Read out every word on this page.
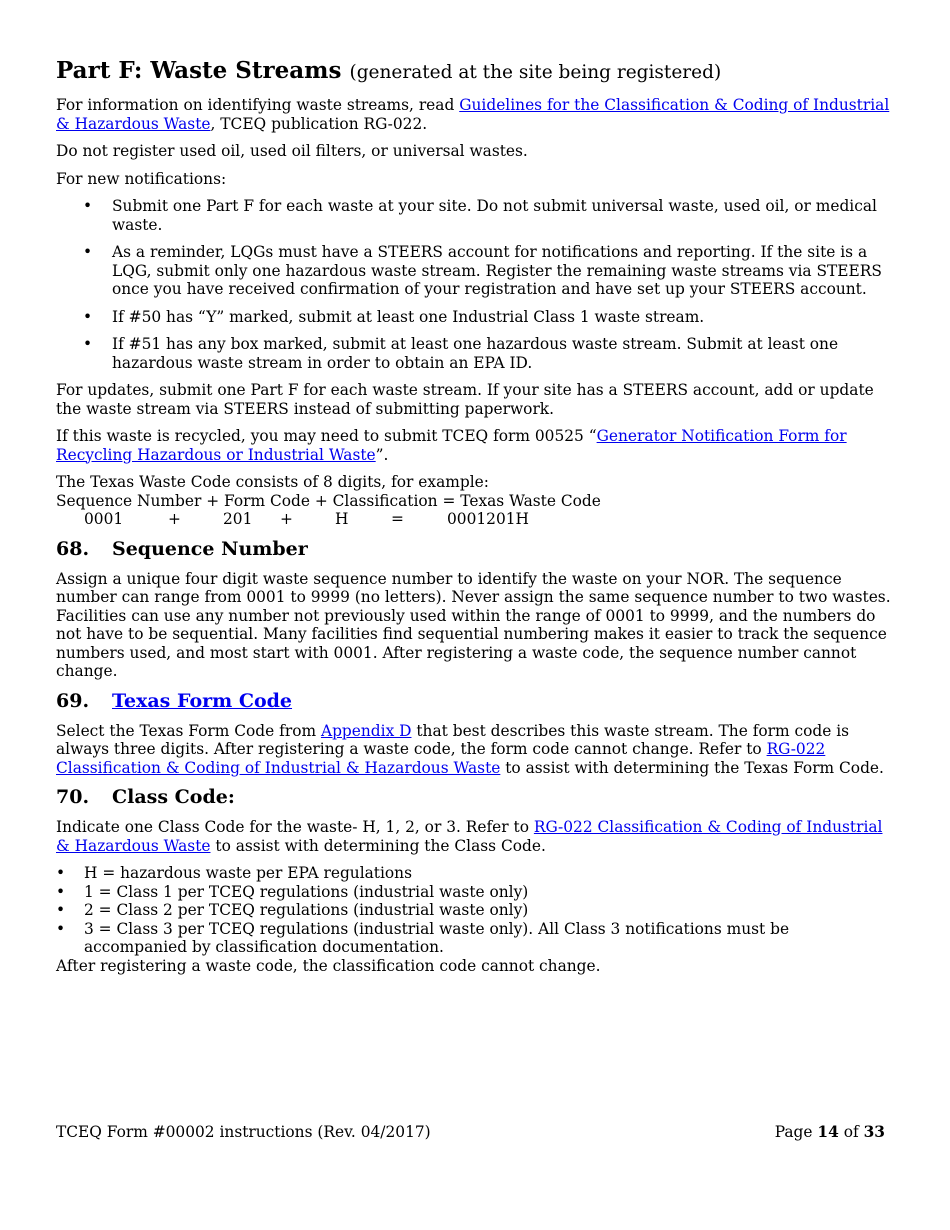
Part F: Waste Streams (generated at the site being registered)

For information on identifying waste streams, read Guidelines for the Classification & Coding of Industrial & Hazardous Waste, TCEQ publication RG-022.

Do not register used oil, used oil filters, or universal wastes.

For new notifications:

• Submit one Part F for each waste at your site. Do not submit universal waste, used oil, or medical waste.
• As a reminder, LQGs must have a STEERS account for notifications and reporting. If the site is a LQG, submit only one hazardous waste stream. Register the remaining waste streams via STEERS once you have received confirmation of your registration and have set up your STEERS account.
• If #50 has “Y” marked, submit at least one Industrial Class 1 waste stream.
• If #51 has any box marked, submit at least one hazardous waste stream. Submit at least one hazardous waste stream in order to obtain an EPA ID.

For updates, submit one Part F for each waste stream. If your site has a STEERS account, add or update the waste stream via STEERS instead of submitting paperwork.

If this waste is recycled, you may need to submit TCEQ form 00525 “Generator Notification Form for Recycling Hazardous or Industrial Waste”.

The Texas Waste Code consists of 8 digits, for example:
Sequence Number + Form Code + Classification = Texas Waste Code
0001	+	201 +	H	=	0001201H
68.	Sequence Number

Assign a unique four digit waste sequence number to identify the waste on your NOR. The sequence number can range from 0001 to 9999 (no letters). Never assign the same sequence number to two wastes. Facilities can use any number not previously used within the range of 0001 to 9999, and the numbers do not have to be sequential. Many facilities find sequential numbering makes it easier to track the sequence numbers used, and most start with 0001. After registering a waste code, the sequence number cannot change.

69.	Texas Form Code

Select the Texas Form Code from Appendix D that best describes this waste stream. The form code is always three digits. After registering a waste code, the form code cannot change. Refer to RG-022 Classification & Coding of Industrial & Hazardous Waste to assist with determining the Texas Form Code.

70.	Class Code:

Indicate one Class Code for the waste- H, 1, 2, or 3. Refer to RG-022 Classification & Coding of Industrial & Hazardous Waste to assist with determining the Class Code.

• H = hazardous waste per EPA regulations
• 1 = Class 1 per TCEQ regulations (industrial waste only)
• 2 = Class 2 per TCEQ regulations (industrial waste only)
• 3 = Class 3 per TCEQ regulations (industrial waste only). All Class 3 notifications must be accompanied by classification documentation.
After registering a waste code, the classification code cannot change.
TCEQ Form #00002 instructions (Rev. 04/2017)	Page 14 of 33
